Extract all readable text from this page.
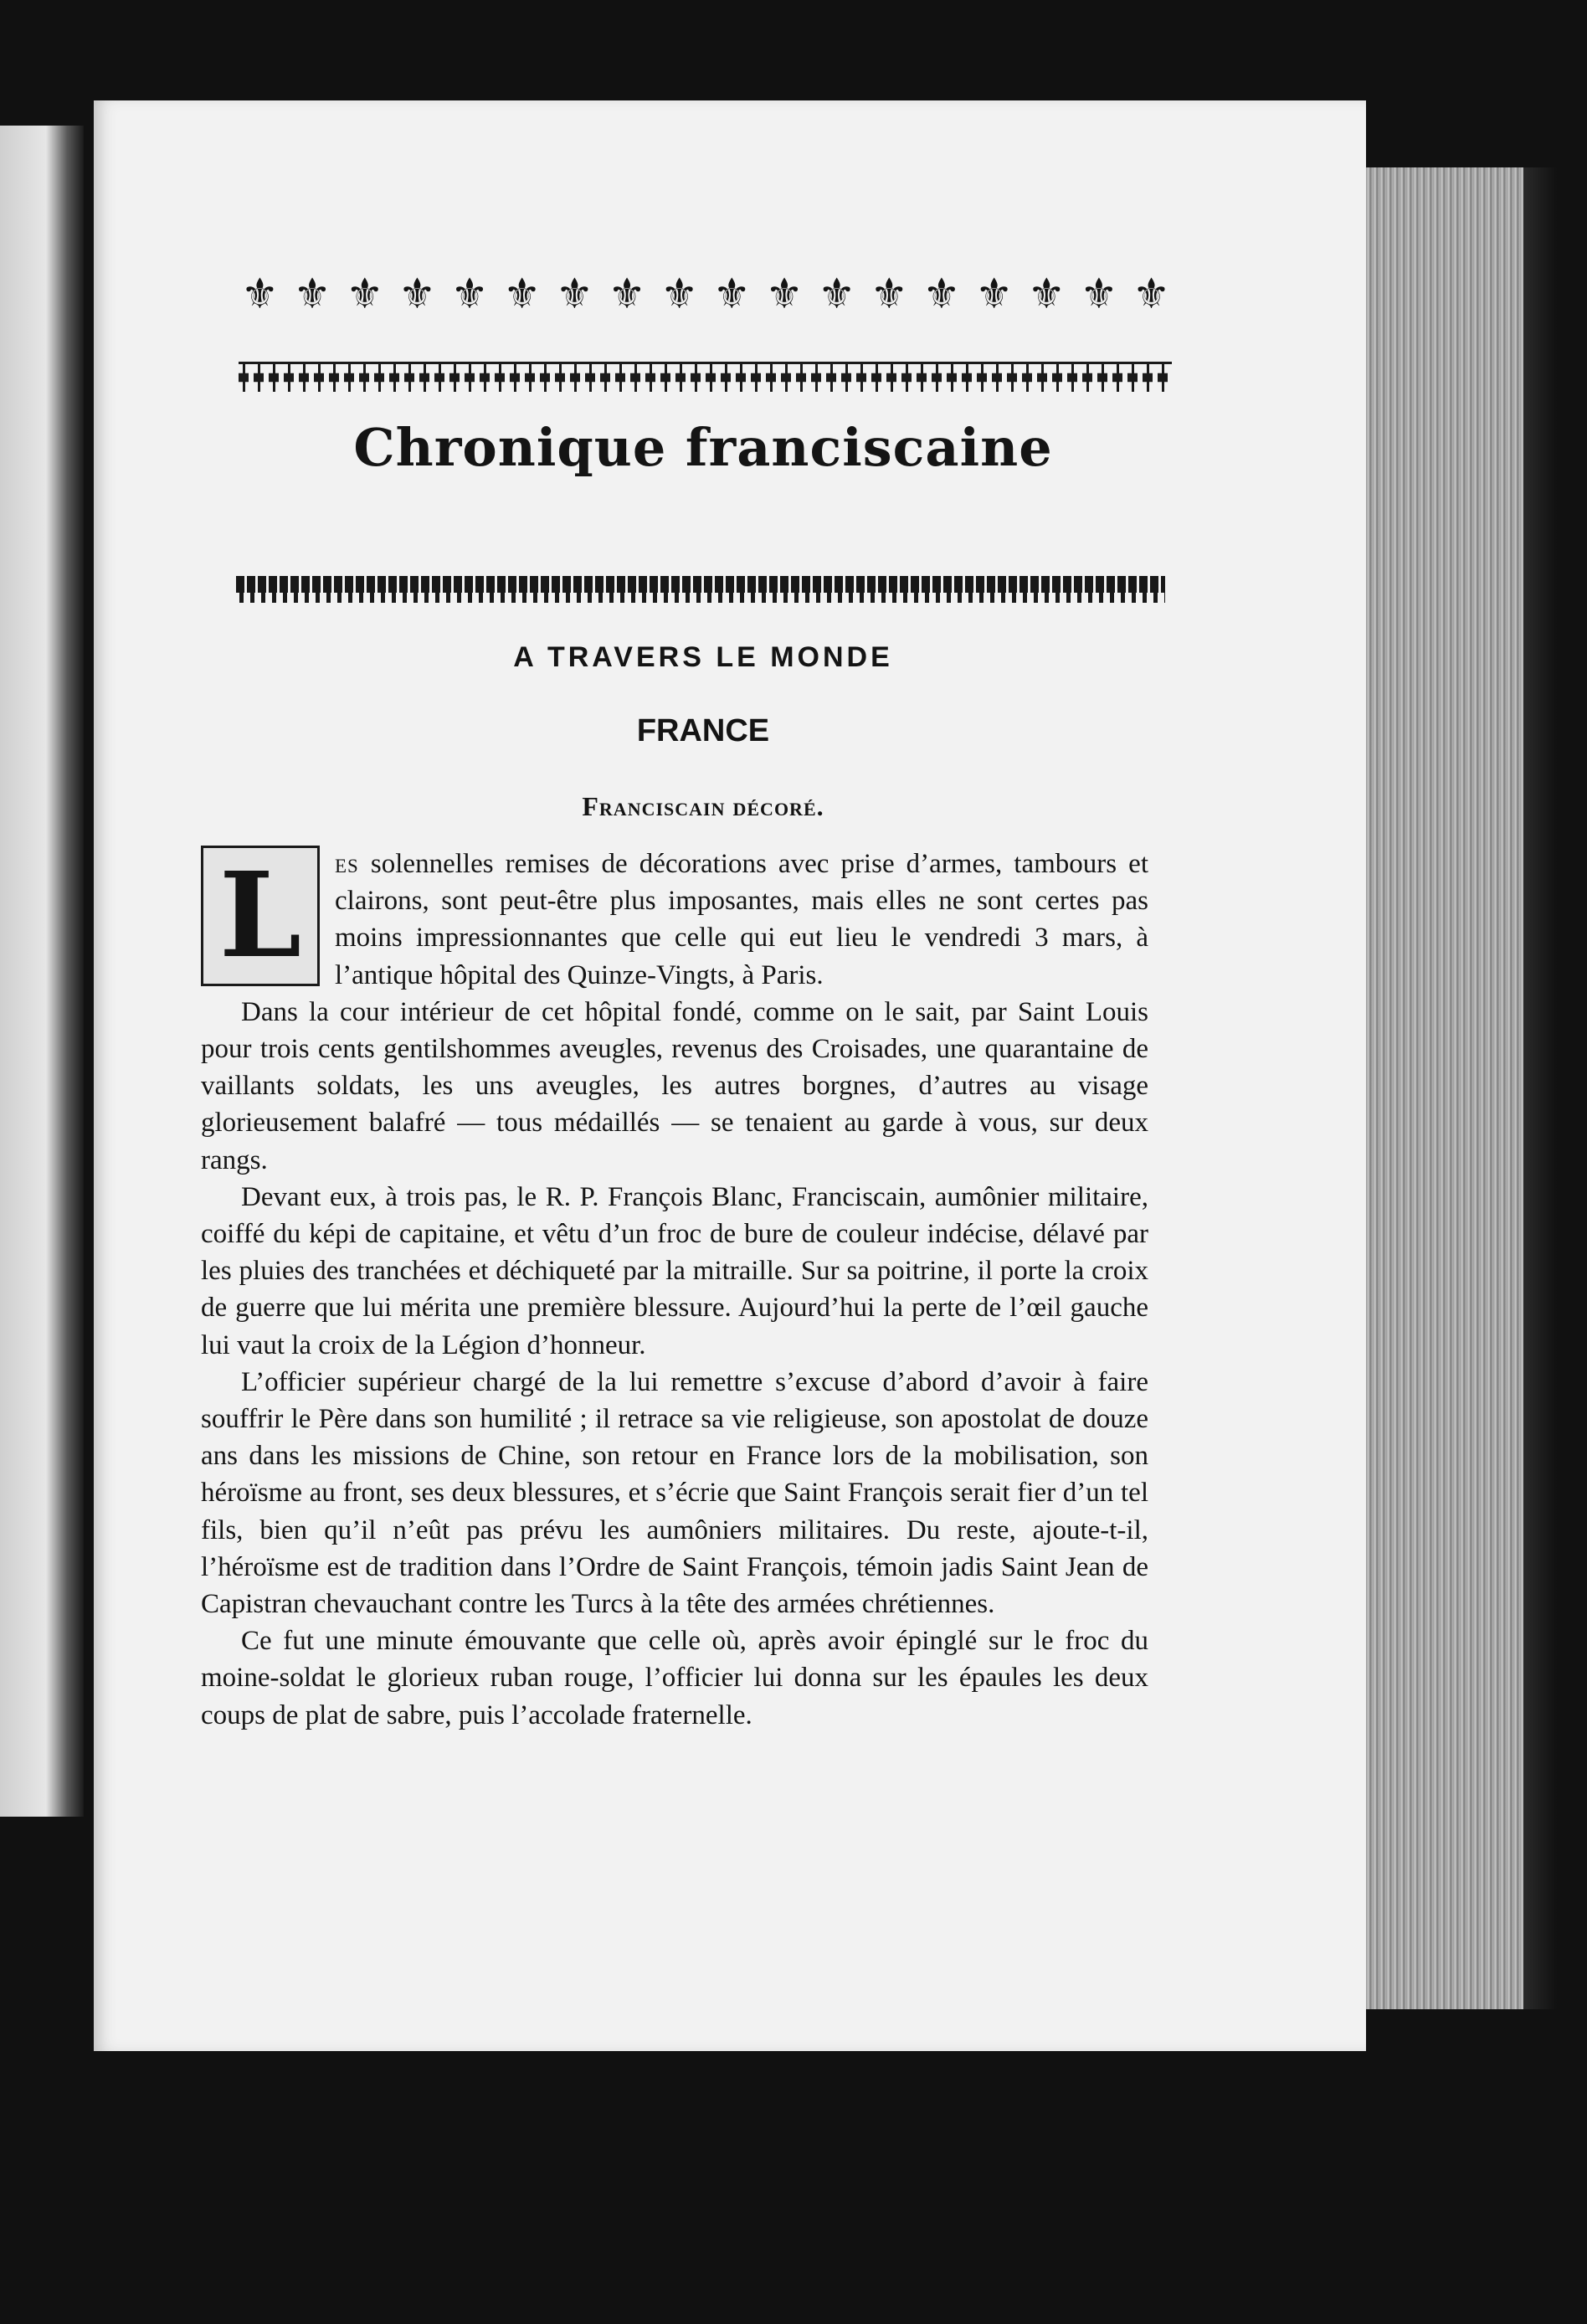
⚜ ⚜ ⚜ ⚜ ⚜ ⚜ ⚜ ⚜ ⚜ ⚜ ⚜ ⚜ ⚜ ⚜ ⚜ ⚜ ⚜ ⚜
Chronique franciscaine
A TRAVERS LE MONDE
FRANCE
Franciscain décoré.

L	es solennelles remises de décorations avec prise d’armes, tambours et clairons, sont peut-être plus imposantes, mais elles ne sont certes pas moins impressionnantes que celle qui eut lieu le vendredi 3 mars, à l’antique hôpital des Quinze-Vingts, à Paris.

Dans la cour intérieur de cet hôpital fondé, comme on le sait, par Saint Louis pour trois cents gentilshommes aveugles, revenus des Croisades, une quarantaine de vaillants soldats, les uns aveugles, les autres borgnes, d’autres au visage glorieusement balafré — tous médaillés — se tenaient au garde à vous, sur deux rangs.

Devant eux, à trois pas, le R. P. François Blanc, Franciscain, aumônier militaire, coiffé du képi de capitaine, et vêtu d’un froc de bure de couleur indécise, délavé par les pluies des tranchées et déchiqueté par la mitraille. Sur sa poitrine, il porte la croix de guerre que lui mérita une première blessure. Aujourd’hui la perte de l’œil gauche lui vaut la croix de la Légion d’honneur.

L’officier supérieur chargé de la lui remettre s’excuse d’abord d’avoir à faire souffrir le Père dans son humilité ; il retrace sa vie religieuse, son apostolat de douze ans dans les missions de Chine, son retour en France lors de la mobilisation, son héroïsme au front, ses deux blessures, et s’écrie que Saint François serait fier d’un tel fils, bien qu’il n’eût pas prévu les aumôniers militaires. Du reste, ajoute-t-il, l’héroïsme est de tradition dans l’Ordre de Saint François, témoin jadis Saint Jean de Capistran chevauchant contre les Turcs à la tête des armées chrétiennes.

Ce fut une minute émouvante que celle où, après avoir épinglé sur le froc du moine-soldat le glorieux ruban rouge, l’officier lui donna sur les épaules les deux coups de plat de sabre, puis l’accolade fraternelle.
